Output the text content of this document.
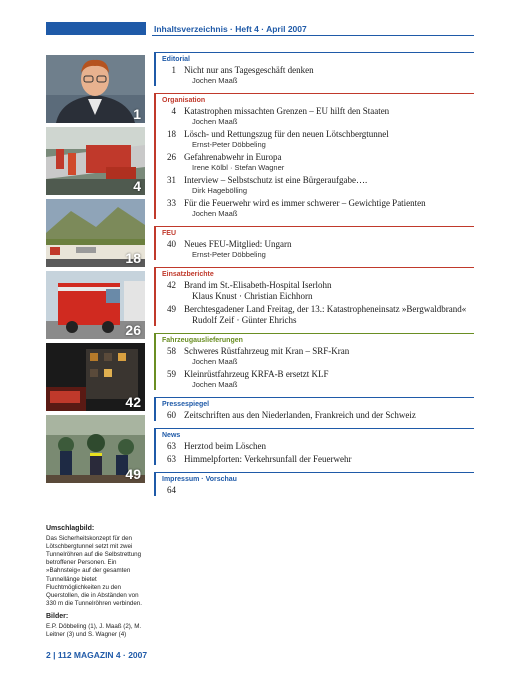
Inhaltsverzeichnis · Heft 4 · April 2007
1
4
18
26
42
49
Editorial
1 Nicht nur ans Tagesgeschäft denken
Jochen Maaß
Organisation
4 Katastrophen missachten Grenzen – EU hilft den Staaten
Jochen Maaß
18 Lösch- und Rettungszug für den neuen Lötschbergtunnel
Ernst-Peter Döbbeling
26 Gefahrenabwehr in Europa
Irene Kölbl · Stefan Wagner
31 Interview – Selbstschutz ist eine Bürgeraufgabe….
Dirk Hagebölling
33 Für die Feuerwehr wird es immer schwerer – Gewichtige Patienten
Jochen Maaß
FEU
40 Neues FEU-Mitglied: Ungarn
Ernst-Peter Döbbeling
Einsatzberichte
42 Brand im St.-Elisabeth-Hospital Iserlohn
Klaus Knust · Christian Eichhorn
49 Berchtesgadener Land Freitag, der 13.: Katastropheneinsatz »Bergwaldbrand«
Rudolf Zeif · Günter Ehrichs
Fahrzeugauslieferungen
58 Schweres Rüstfahrzeug mit Kran – SRF-Kran
Jochen Maaß
59 Kleinrüstfahrzeug KRFA-B ersetzt KLF
Jochen Maaß
Pressespiegel
60 Zeitschriften aus den Niederlanden, Frankreich und der Schweiz
News
63 Herztod beim Löschen
63 Himmelpforten: Verkehrsunfall der Feuerwehr
Impressum · Vorschau
64
Umschlagbild:

Das Sicherheitskonzept für den Lötschbergtunnel setzt mit zwei Tunnelröhren auf die Selbstrettung betroffener Personen. Ein »Bahnsteig« auf der gesamten Tunnellänge bietet Fluchtmöglichkeiten zu den Querstollen, die in Abständen von 330 m die Tunnelröhren verbinden.

Bilder:

E.P. Döbbeling (1), J. Maaß (2), M. Leitner (3) und S. Wagner (4)

2 | 112 MAGAZIN 4 · 2007
